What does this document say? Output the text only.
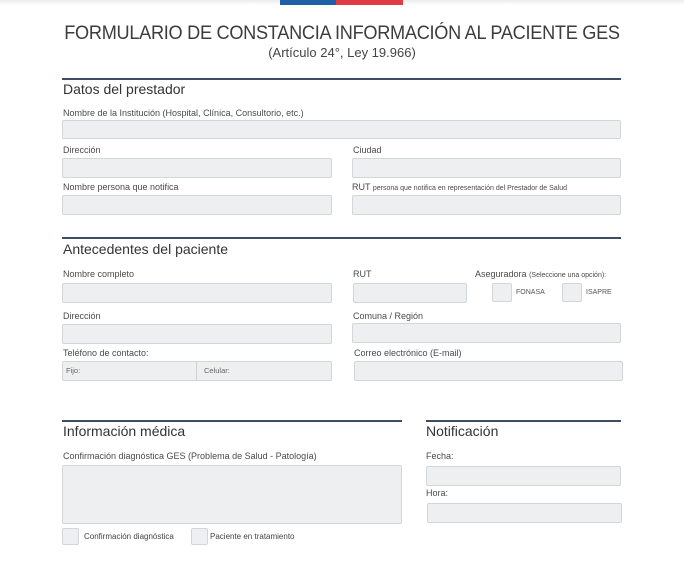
FORMULARIO DE CONSTANCIA INFORMACIÓN AL PACIENTE GES
(Artículo 24°, Ley 19.966)
Datos del prestador
Nombre de la Institución (Hospital, Clínica, Consultorio, etc.)
Dirección	Ciudad
Nombre persona que notifica	RUT persona que notifica en representación del Prestador de Salud
Antecedentes del paciente
Nombre completo	RUT	Aseguradora (Seleccione una opción):
FONASA	ISAPRE
Dirección	Comuna / Región
Teléfono de contacto:
Fijo:	Celular:
Correo electrónico (E-mail)
Información médica
Confirmación diagnóstica GES (Problema de Salud - Patología)
Confirmación diagnóstica	Paciente en tratamiento
Notificación
Fecha:
Hora:
